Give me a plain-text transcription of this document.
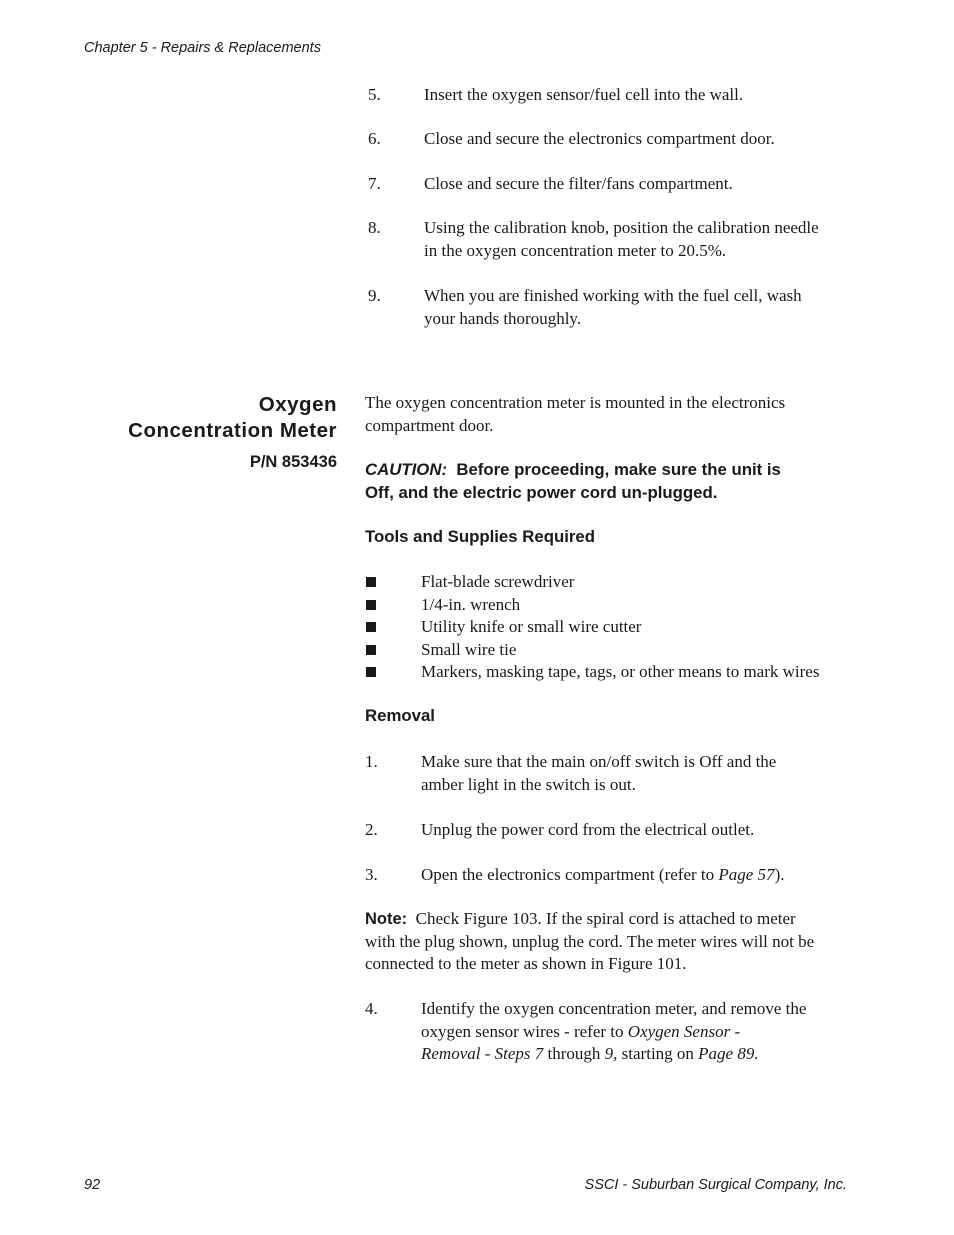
Chapter 5 - Repairs & Replacements
5.	Insert the oxygen sensor/fuel cell into the wall.
6.	Close and secure the electronics compartment door.
7.	Close and secure the filter/fans compartment.
8.	Using the calibration knob, position the calibration needle
in the oxygen concentration meter to 20.5%.
9.	When you are finished working with the fuel cell, wash
your hands thoroughly.
Oxygen
Concentration Meter
P/N 853436
The oxygen concentration meter is mounted in the electronics
compartment door.
CAUTION: Before proceeding, make sure the unit is
Off, and the electric power cord un-plugged.
Tools and Supplies Required
Flat-blade screwdriver
1/4-in. wrench
Utility knife or small wire cutter
Small wire tie
Markers, masking tape, tags, or other means to mark wires
Removal
1.	Make sure that the main on/off switch is Off and the
amber light in the switch is out.
2.	Unplug the power cord from the electrical outlet.
3.	Open the electronics compartment (refer to Page 57).
Note: Check Figure 103. If the spiral cord is attached to meter
with the plug shown, unplug the cord. The meter wires will not be
connected to the meter as shown in Figure 101.
4.	Identify the oxygen concentration meter, and remove the
oxygen sensor wires - refer to Oxygen Sensor -
Removal - Steps 7 through 9, starting on Page 89.
92	SSCI - Suburban Surgical Company, Inc.
